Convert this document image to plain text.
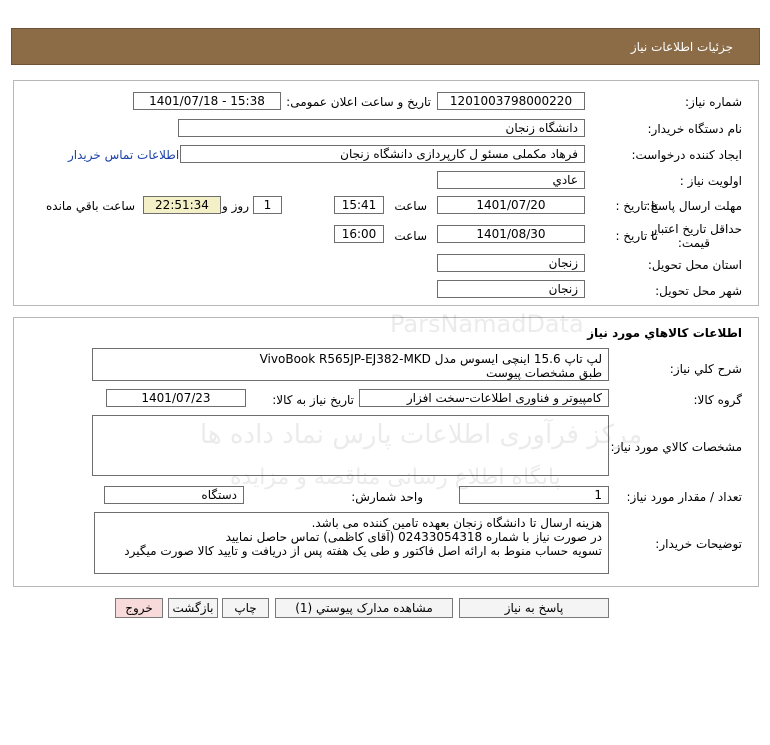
جزئیات اطلاعات نیاز
شماره نیاز:
1201003798000220
تاریخ و ساعت اعلان عمومی:
1401/07/18 - 15:38
نام دستگاه خریدار:
دانشگاه زنجان
ایجاد کننده درخواست:
فرهاد مکملی مسئو ل کارپردازی دانشگاه زنجان
اطلاعات تماس خریدار
اولویت نیاز :
عادي
مهلت ارسال پاسخ:
تا تاریخ :
1401/07/20
ساعت
15:41
1
روز و
22:51:34
ساعت باقي مانده
حداقل تاریخ اعتبار
قیمت:
تا تاریخ :
1401/08/30
ساعت
16:00
استان محل تحویل:
زنجان
شهر محل تحویل:
زنجان
اطلاعات کالاهاي مورد نياز
شرح کلي نياز:
لپ تاپ 15.6 اینچی ایسوس مدل VivoBook R565JP-EJ382-MKD
طبق مشخصات پیوست
گروه کالا:
کامپیوتر و فناوری اطلاعات-سخت افزار
تاریخ نیاز به کالا:
1401/07/23
مشخصات کالاي مورد نياز:
تعداد / مقدار مورد نياز:
1
واحد شمارش:
دستگاه
توضيحات خريدار:
هزینه ارسال تا دانشگاه زنجان بعهده تامین کننده می باشد.
در صورت نیاز با شماره 02433054318 (آقای کاظمی) تماس حاصل نمایید
تسویه حساب منوط به ارائه اصل فاکتور و طی یک هفته پس از دریافت و تایید کالا صورت میگیرد
مرکز فرآوری اطلاعات پارس نماد داده ها
پایگاه اطلاع رسانی مناقصه و مزایده
ParsNamadData
پاسخ به نياز
مشاهده مدارک پيوستي (1)
چاپ
بازگشت
خروج
